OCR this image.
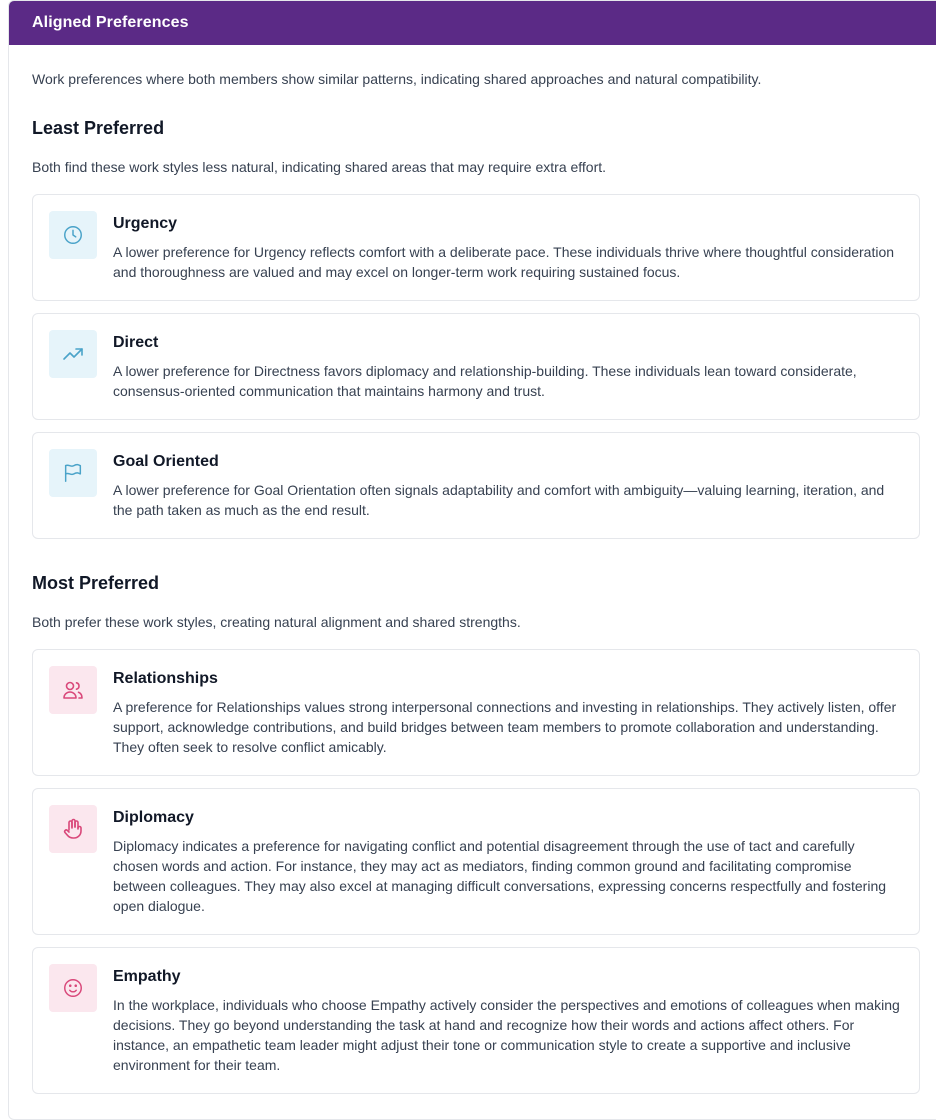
Aligned Preferences

Work preferences where both members show similar patterns, indicating shared approaches and natural compatibility.

Least Preferred

Both find these work styles less natural, indicating shared areas that may require extra effort.

Urgency
A lower preference for Urgency reflects comfort with a deliberate pace. These individuals thrive where thoughtful consideration and thoroughness are valued and may excel on longer-term work requiring sustained focus.
Direct
A lower preference for Directness favors diplomacy and relationship-building. These individuals lean toward considerate, consensus-oriented communication that maintains harmony and trust.
Goal Oriented
A lower preference for Goal Orientation often signals adaptability and comfort with ambiguity—valuing learning, iteration, and the path taken as much as the end result.
Most Preferred

Both prefer these work styles, creating natural alignment and shared strengths.

Relationships
A preference for Relationships values strong interpersonal connections and investing in relationships. They actively listen, offer support, acknowledge contributions, and build bridges between team members to promote collaboration and understanding. They often seek to resolve conflict amicably.
Diplomacy
Diplomacy indicates a preference for navigating conflict and potential disagreement through the use of tact and carefully chosen words and action. For instance, they may act as mediators, finding common ground and facilitating compromise between colleagues. They may also excel at managing difficult conversations, expressing concerns respectfully and fostering open dialogue.
Empathy
In the workplace, individuals who choose Empathy actively consider the perspectives and emotions of colleagues when making decisions. They go beyond understanding the task at hand and recognize how their words and actions affect others. For instance, an empathetic team leader might adjust their tone or communication style to create a supportive and inclusive environment for their team.
